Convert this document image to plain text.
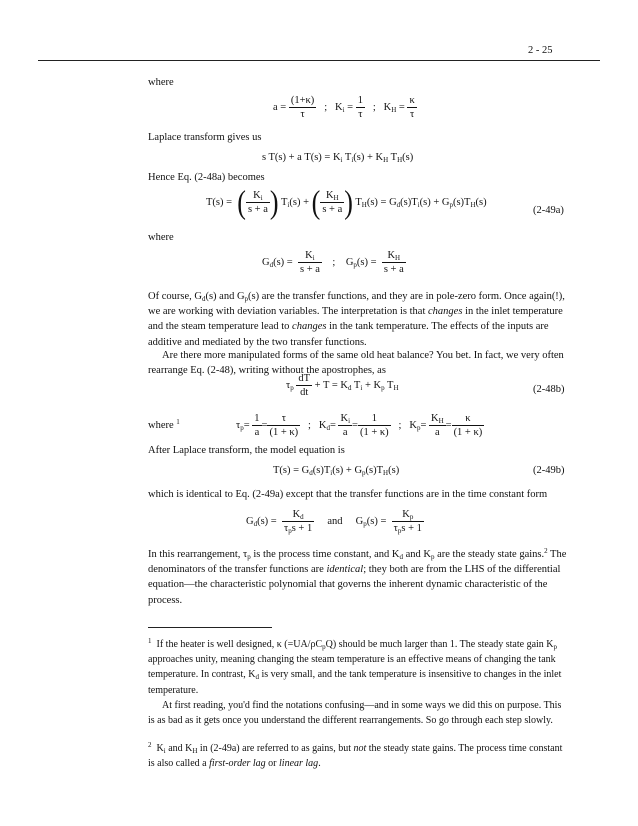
2 - 25
where
$a = \frac{(1+\kappa)}{\tau}$ ; $K_i = \frac{1}{\tau}$ ; $K_H = \frac{\kappa}{\tau}$
Laplace transform gives us
s T(s) + a $T(s) = K_i$ $T_i(s) + K_H$ $T_H(s)$
Hence Eq. (2-48a) becomes
T(s) = ( $\frac{K_i}{s + a}$ ) $T_i(s)$ + ( $\frac{K_H}{s + a}$ ) $T_H(s) = G_d(s)T_i(s) + G_p(s)T_H(s)$
(2-49a)
where
$G_d(s) = \frac{K_i}{s + a}$ ; $G_p(s) = \frac{K_H}{s + a}$
Of course, $G_d(s)$ and $G_p(s)$ are the transfer functions, and they are in pole-zero form. Once again(!), we are working with deviation variables. The interpretation is that changes in the inlet temperature and the steam temperature lead to changes in the tank temperature. The effects of the inputs are additive and mediated by the two transfer functions.
Are there more manipulated forms of the same old heat balance? You bet. In fact, we very often rearrange Eq. (2-48), writing without the apostrophes, as
$\tau_p \frac{dT}{dt} + T = K_d$ $T_i + K_p$ $T_H$	(2-48b)
where $^1$	$\tau_p= \frac{1}{a} = \frac{\tau}{(1 + \kappa)}$ ; $K_d= \frac{K_i}{a} = \frac{1}{(1 + \kappa)}$ ; $K_p= \frac{K_H}{a} = \frac{\kappa}{(1 + \kappa)}$
After Laplace transform, the model equation is
$T(s) = G_d(s)T_i(s) + G_p(s)T_H(s)$	(2-49b)
which is identical to Eq. (2-49a) except that the transfer functions are in the time constant form
$G_d(s) = \frac{K_d}{\tau_ps + 1}$ and $G_p(s) = \frac{K_p}{\tau_ps + 1}$
In this rearrangement, $\tau_p$ is the process time constant, and $K_d$ and $K_p$ are the steady state gains.$^2$ The denominators of the transfer functions are identical; they both are from the LHS of the differential equation—the characteristic polynomial that governs the inherent dynamic characteristic of the process.
$^1$ If the heater is well designed, κ $(=UA/\rho C_pQ)$ should be much larger than 1. The steady state gain $K_p$ approaches unity, meaning changing the steam temperature is an effective means of changing the tank temperature. In contrast, $K_d$ is very small, and the tank temperature is insensitive to changes in the inlet temperature.
At first reading, you'd find the notations confusing—and in some ways we did this on purpose. This is as bad as it gets once you understand the different rearrangements. So go through each step slowly.
$^2$ $K_i$ and $K_H$ in (2-49a) are referred to as gains, but not the steady state gains. The process time constant is also called a first-order lag or linear lag.
